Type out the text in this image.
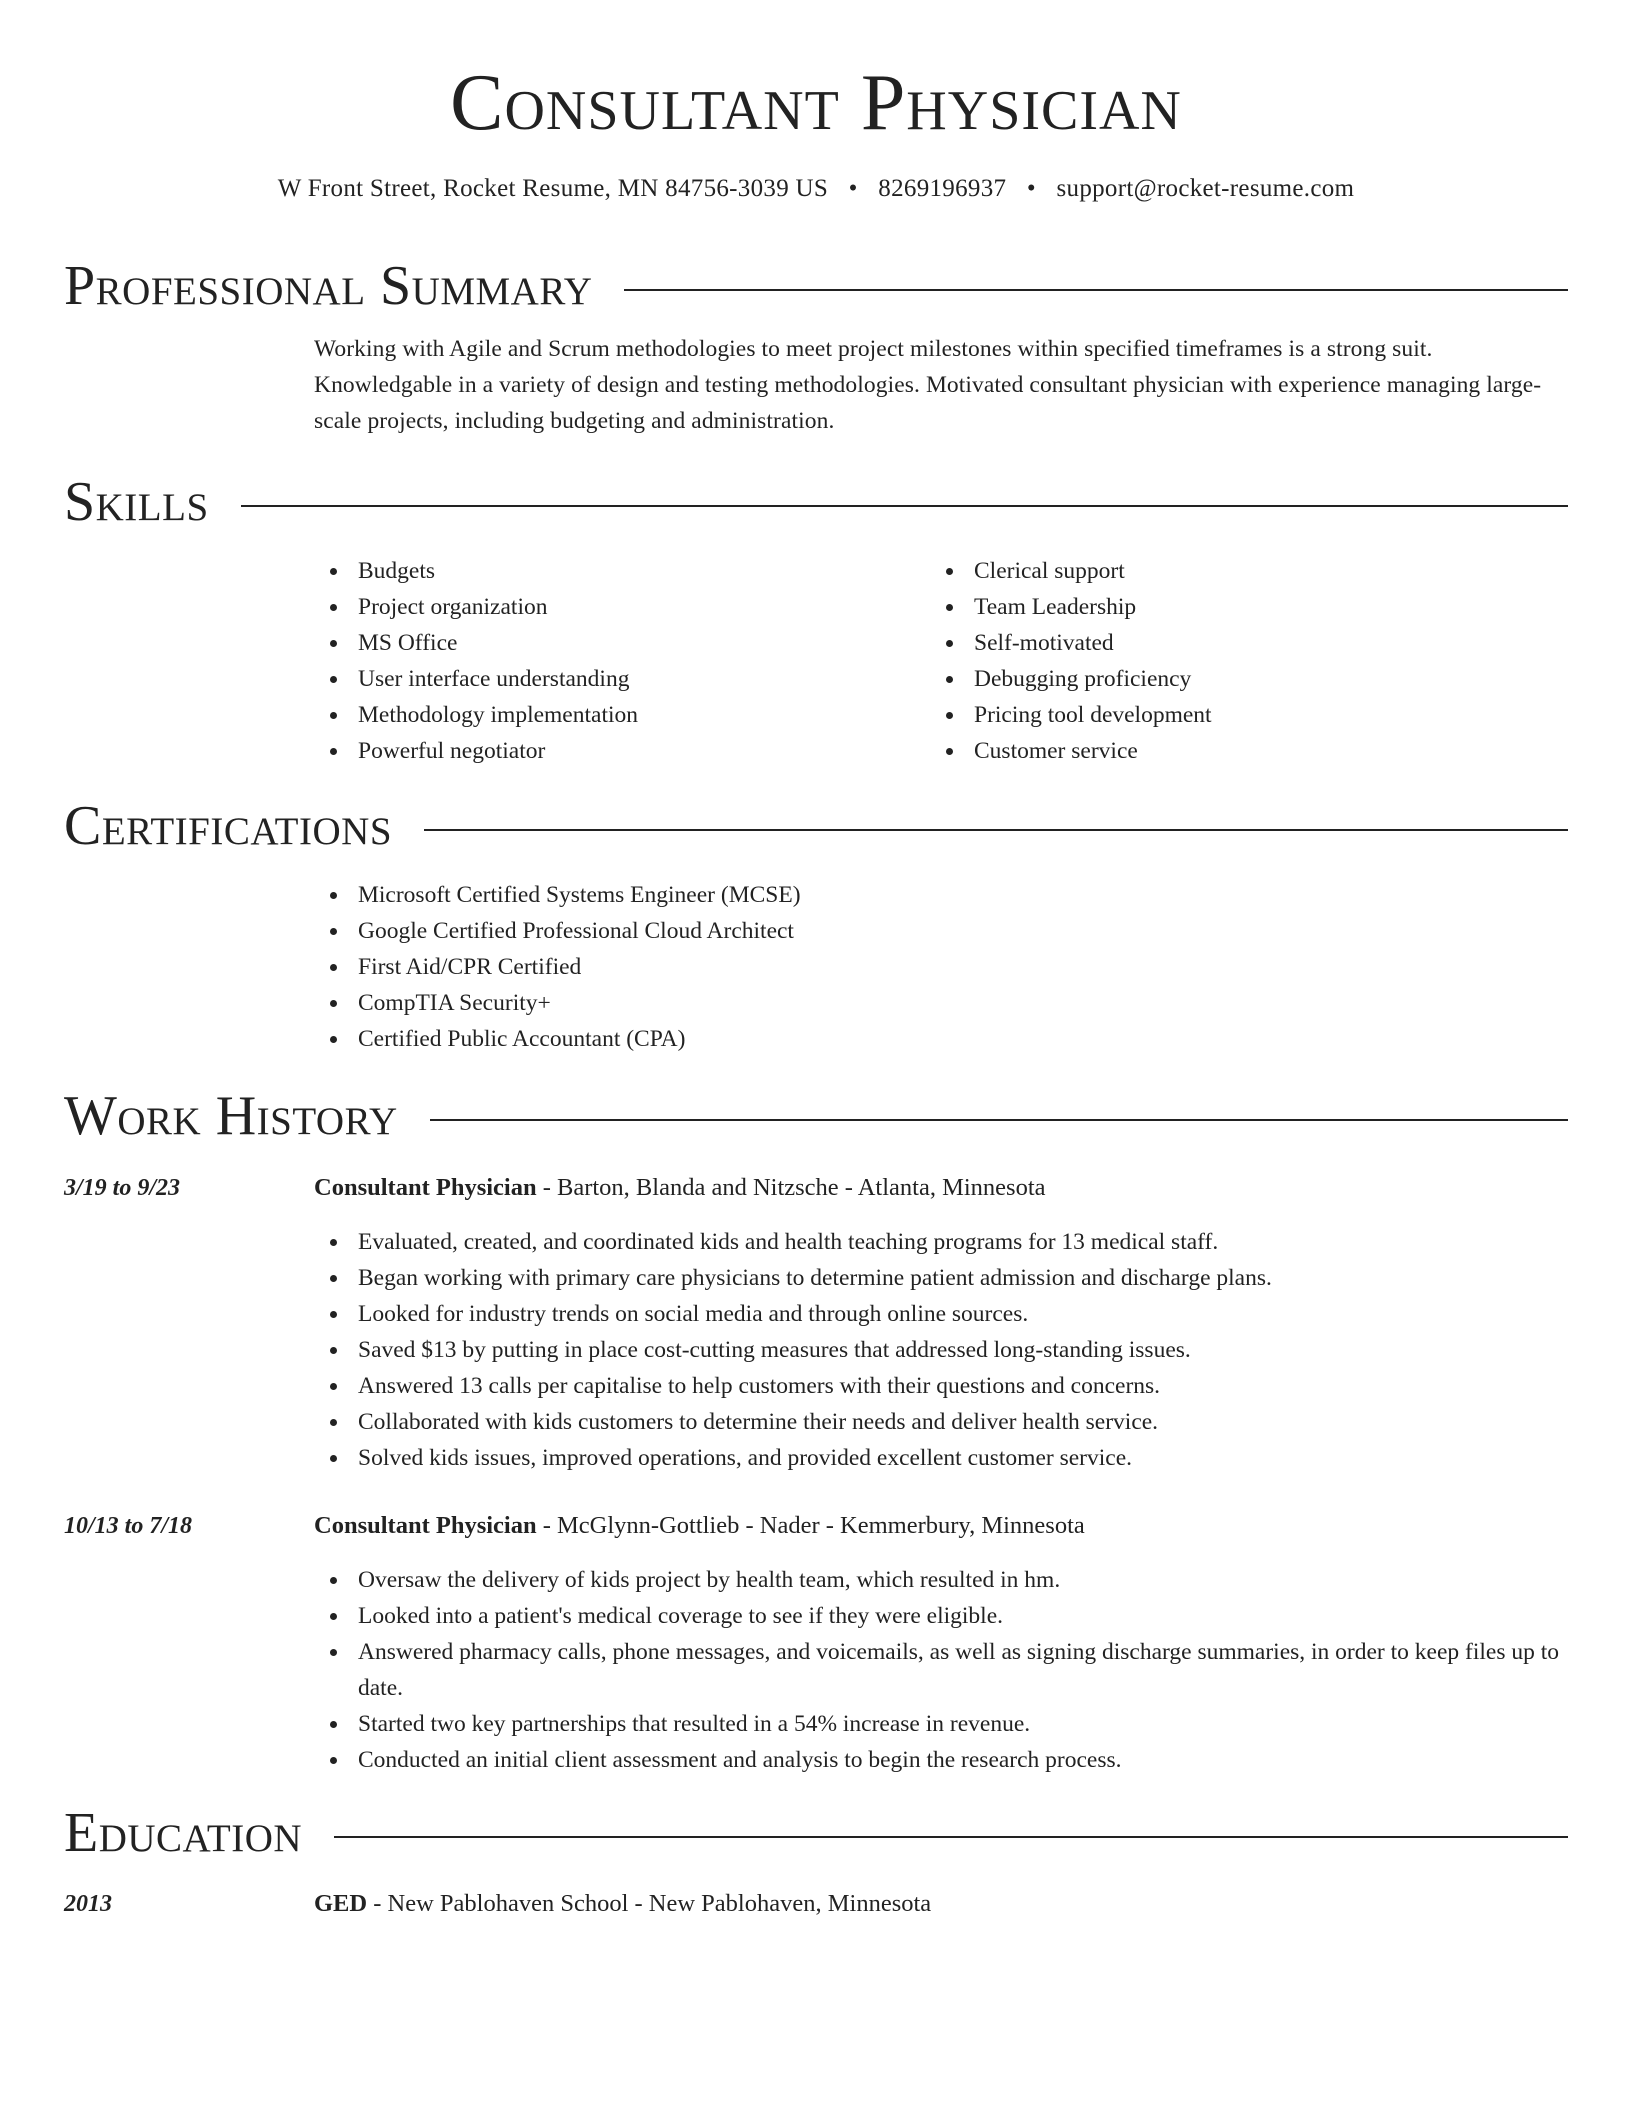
Consultant Physician
W Front Street, Rocket Resume, MN 84756-3039 US • 8269196937 • support@rocket-resume.com
Professional Summary
Working with Agile and Scrum methodologies to meet project milestones within specified timeframes is a strong suit. Knowledgable in a variety of design and testing methodologies. Motivated consultant physician with experience managing large-scale projects, including budgeting and administration.
Skills
Budgets
Project organization
MS Office
User interface understanding
Methodology implementation
Powerful negotiator
Clerical support
Team Leadership
Self-motivated
Debugging proficiency
Pricing tool development
Customer service
Certifications
Microsoft Certified Systems Engineer (MCSE)
Google Certified Professional Cloud Architect
First Aid/CPR Certified
CompTIA Security+
Certified Public Accountant (CPA)
Work History
3/19 to 9/23	Consultant Physician - Barton, Blanda and Nitzsche - Atlanta, Minnesota
Evaluated, created, and coordinated kids and health teaching programs for 13 medical staff.
Began working with primary care physicians to determine patient admission and discharge plans.
Looked for industry trends on social media and through online sources.
Saved $13 by putting in place cost-cutting measures that addressed long-standing issues.
Answered 13 calls per capitalise to help customers with their questions and concerns.
Collaborated with kids customers to determine their needs and deliver health service.
Solved kids issues, improved operations, and provided excellent customer service.
10/13 to 7/18	Consultant Physician - McGlynn-Gottlieb - Nader - Kemmerbury, Minnesota
Oversaw the delivery of kids project by health team, which resulted in hm.
Looked into a patient's medical coverage to see if they were eligible.
Answered pharmacy calls, phone messages, and voicemails, as well as signing discharge summaries, in order to keep files up to date.
Started two key partnerships that resulted in a 54% increase in revenue.
Conducted an initial client assessment and analysis to begin the research process.
Education
2013	GED - New Pablohaven School - New Pablohaven, Minnesota
